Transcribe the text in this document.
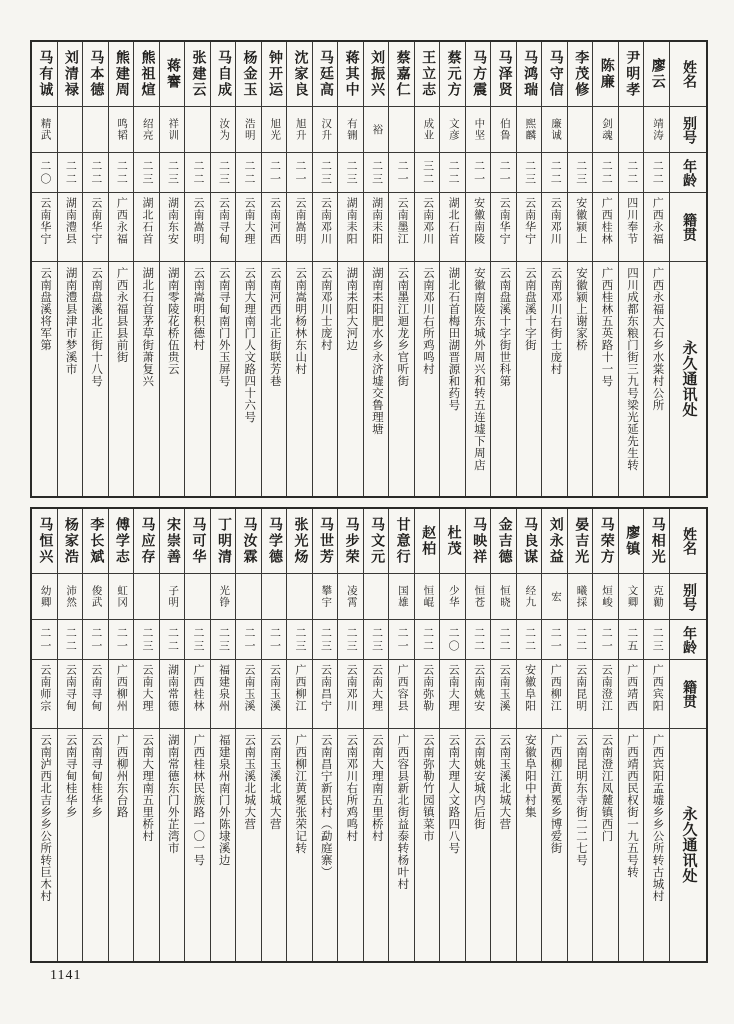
姓名
别号
年龄
籍贯
永久通讯处
廖云
靖涛
二二
广西永福
广西永福大石乡水棠村公所
尹明孝
二二
四川奉节
四川成都东粮门街三九号梁光延先生转
陈廉
剑魂
二二
广西桂林
广西桂林五英路十一号
李茂修
二三
安徽颍上
安徽颍上谢家桥
马守信
廉诚
二二
云南邓川
云南邓川右街士庞村
马鸿瑞
熙麟
二三
云南华宁
云南盘溪十字街
马泽贤
伯鲁
二一
云南华宁
云南盘溪十字街世科第
马方震
中坚
二一
安徽南陵
安徽南陵东城外周兴和转五连墟下周店
蔡元方
文彦
二二
湖北石首
湖北石首梅田湖晋源和药号
王立志
成业
三二
云南邓川
云南邓川右所鸡鸣村
蔡嘉仁
二一
云南墨江
云南墨江迴龙乡官听街
刘振兴
裕
二三
湖南耒阳
湖南耒阳肥水乡永济墟交鲁理塘
蒋其中
有铏
二三
湖南耒阳
湖南耒阳大河边
马廷高
汉升
二三
云南邓川
云南邓川士庞村
沈家良
旭升
二一
云南嵩明
云南嵩明杨林东山村
钟开运
旭光
二一
云南河西
云南河西北正街联芳巷
杨金玉
浩明
二二
云南大理
云南大理南门人文路四十六号
马自成
汝为
二三
云南寻甸
云南寻甸南门外玉屏号
张建云
二二
云南嵩明
云南嵩明积德村
蒋謇
祥训
二三
湖南东安
湖南零陵花桥伍贵云
熊祖煊
绍亮
二三
湖北石首
湖北石首茅草街萧复兴
熊建周
鸣韬
二二
广西永福
广西永福县县前街
马本德
二二
云南华宁
云南盘溪北正街十八号
刘清禄
二二
湖南澧县
湖南澧县津市梦溪市
马有诚
精武
二〇
云南华宁
云南盘溪将军第
姓名
别号
年龄
籍贯
永久通讯处
马相光
克勷
二三
广西宾阳
广西宾阳孟墟乡乡公所转古城村
廖镇
文卿
二五
广西靖西
广西靖西民权街一九五号转
马荣方
烜峻
二一
云南澄江
云南澄江凤麓镇西门
晏吉光
曦採
二二
云南昆明
云南昆明东寺街二二七号
刘永益
宏
二一
广西柳江
广西柳江黄冕乡博爱街
马良谋
经九
二二
安徽阜阳
安徽阜阳中村集
金吉德
恒晓
二二
云南玉溪
云南玉溪北城大营
马映祥
恒苍
二二
云南姚安
云南姚安城内后街
杜茂
少华
二〇
云南大理
云南大理人文路四八号
赵柏
恒崐
二二
云南弥勒
云南弥勒竹园镇菜市
甘意行
国雄
二一
广西容县
广西容县新北街益泰转杨叶村
马文元
二三
云南大理
云南大理南五里桥村
马步荣
凌霄
二三
云南邓川
云南邓川右所鸡鸣村
马世芳
攀宇
二三
云南昌宁
云南昌宁新民村︵勐庭寨︶
张光炀
二三
广西柳江
广西柳江黄冕张荣记转
马学德
二一
云南玉溪
云南玉溪北城大营
马汝霖
二一
云南玉溪
云南玉溪北城大营
丁明清
光铮
二三
福建泉州
福建泉州南门外陈埭溪边
马可华
二三
广西桂林
广西桂林民族路一〇一号
宋崇善
子明
二二
湖南常德
湖南常德东门外芷湾市
马应存
二三
云南大理
云南大理南五里桥村
傅学志
虹冈
二一
广西柳州
广西柳州东台路
李长斌
俊武
二一
云南寻甸
云南寻甸桂华乡
杨家浩
沛然
二二
云南寻甸
云南寻甸桂华乡
马恒兴
幼卿
二一
云南师宗
云南泸西北吉乡乡公所转巨木村
1141
